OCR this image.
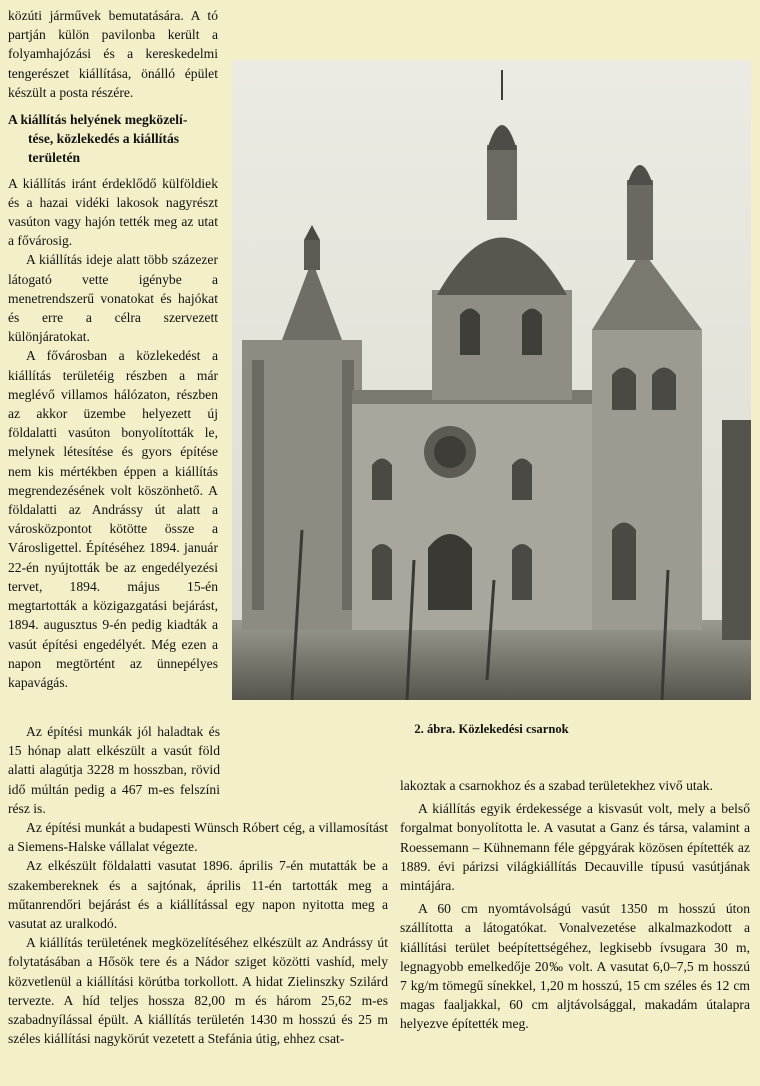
közúti járművek bemutatására. A tó partján külön pavilonba került a folyamhajózási és a kereskedelmi tengerészet kiállítása, önálló épület készült a posta részére.

A kiállítás helyének megközelí-
tése, közlekedés a kiállítás
területén

A kiállítás iránt érdeklődő külföldiek és a hazai vidéki lakosok nagyrészt vasúton vagy hajón tették meg az utat a fővárosig.

A kiállítás ideje alatt több százezer látogató vette igénybe a menetrendszerű vonatokat és hajókat és erre a célra szervezett különjáratokat.

A fővárosban a közlekedést a kiállítás területéig részben a már meglévő villamos hálózaton, részben az akkor üzembe helyezett új földalatti vasúton bonyolították le, melynek létesítése és gyors építése nem kis mértékben éppen a kiállítás megrendezésének volt köszönhető. A földalatti az Andrássy út alatt a városközpontot kötötte össze a Városligettel. Építéséhez 1894. január 22-én nyújtották be az engedélyezési tervet, 1894. május 15-én megtartották a közigazgatási bejárást, 1894. augusztus 9-én pedig kiadták a vasút építési engedélyét. Még ezen a napon megtörtént az ünnepélyes kapavágás.

2. ábra. Közlekedési csarnok

Az építési munkák jól haladtak és 15 hónap alatt elkészült a vasút föld alatti alagútja 3228 m hosszban, rövid idő múltán pedig a 467 m-es felszíni rész is.

Az építési munkát a budapesti Wünsch Róbert cég, a villamosítást a Siemens-Halske vállalat végezte.

Az elkészült földalatti vasutat 1896. április 7-én mutatták be a szakembereknek és a sajtónak, április 11-én tartották meg a műtanrendőri bejárást és a kiállítással egy napon nyitotta meg a vasutat az uralkodó.

A kiállítás területének megközelítéséhez elkészült az Andrássy út folytatásában a Hősök tere és a Nádor sziget közötti vashíd, mely közvetlenül a kiállítási körútba torkollott. A hidat Zielinszky Szilárd tervezte. A híd teljes hossza 82,00 m és három 25,62 m-es szabadnyílással épült. A kiállítás területén 1430 m hosszú és 25 m széles kiállítási nagykörút vezetett a Stefánia útig, ehhez csat-

lakoztak a csarnokhoz és a szabad területekhez vivő utak.

A kiállítás egyik érdekessége a kisvasút volt, mely a belső forgalmat bonyolította le. A vasutat a Ganz és társa, valamint a Roessemann – Kühnemann féle gépgyárak közösen építették az 1889. évi párizsi világkiállítás Decauville típusú vasútjának mintájára.

A 60 cm nyomtávolságú vasút 1350 m hosszú úton szállította a látogatókat. Vonalvezetése alkalmazkodott a kiállítási terület beépítettségéhez, legkisebb ívsugara 30 m, legnagyobb emelkedője 20‰ volt. A vasutat 6,0–7,5 m hosszú 7 kg/m tömegű sínekkel, 1,20 m hosszú, 15 cm széles és 12 cm magas faaljakkal, 60 cm aljtávolsággal, makadám útalapra helyezve építették meg.
